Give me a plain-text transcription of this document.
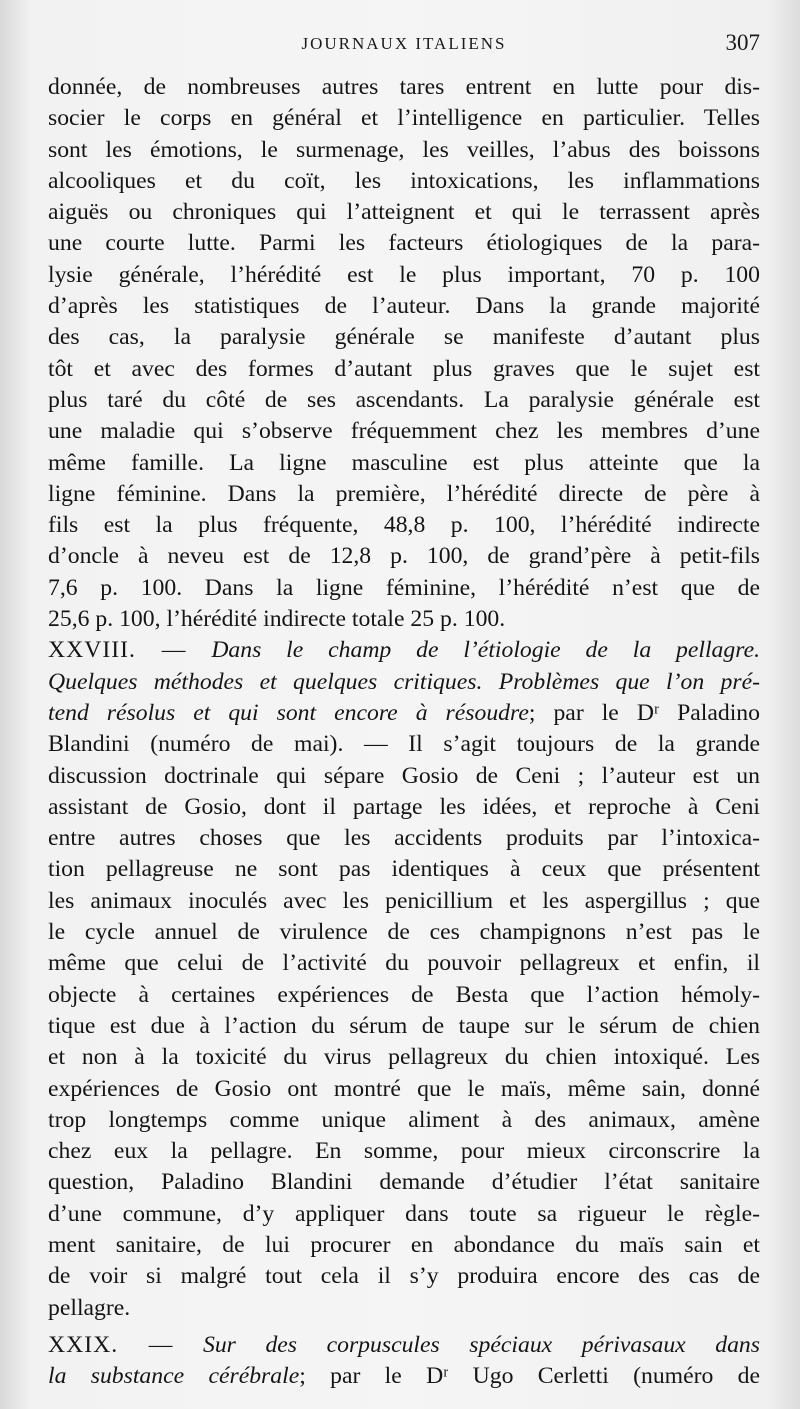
JOURNAUX ITALIENS	307
donnée, de nombreuses autres tares entrent en lutte pour dis-
socier le corps en général et l’intelligence en particulier. Telles
sont les émotions, le surmenage, les veilles, l’abus des boissons
alcooliques et du coït, les intoxications, les inflammations
aiguës ou chroniques qui l’atteignent et qui le terrassent après
une courte lutte. Parmi les facteurs étiologiques de la para-
lysie générale, l’hérédité est le plus important, 70 p. 100
d’après les statistiques de l’auteur. Dans la grande majorité
des cas, la paralysie générale se manifeste d’autant plus
tôt et avec des formes d’autant plus graves que le sujet est
plus taré du côté de ses ascendants. La paralysie générale est
une maladie qui s’observe fréquemment chez les membres d’une
même famille. La ligne masculine est plus atteinte que la
ligne féminine. Dans la première, l’hérédité directe de père à
fils est la plus fréquente, 48,8 p. 100, l’hérédité indirecte
d’oncle à neveu est de 12,8 p. 100, de grand’père à petit-fils
7,6 p. 100. Dans la ligne féminine, l’hérédité n’est que de
25,6 p. 100, l’hérédité indirecte totale 25 p. 100.
XXVIII. — Dans le champ de l’étiologie de la pellagre.
Quelques méthodes et quelques critiques. Problèmes que l’on pré-
tend résolus et qui sont encore à résoudre; par le Dʳ Paladino
Blandini (numéro de mai). — Il s’agit toujours de la grande
discussion doctrinale qui sépare Gosio de Ceni ; l’auteur est un
assistant de Gosio, dont il partage les idées, et reproche à Ceni
entre autres choses que les accidents produits par l’intoxica-
tion pellagreuse ne sont pas identiques à ceux que présentent
les animaux inoculés avec les penicillium et les aspergillus ; que
le cycle annuel de virulence de ces champignons n’est pas le
même que celui de l’activité du pouvoir pellagreux et enfin, il
objecte à certaines expériences de Besta que l’action hémoly-
tique est due à l’action du sérum de taupe sur le sérum de chien
et non à la toxicité du virus pellagreux du chien intoxiqué. Les
expériences de Gosio ont montré que le maïs, même sain, donné
trop longtemps comme unique aliment à des animaux, amène
chez eux la pellagre. En somme, pour mieux circonscrire la
question, Paladino Blandini demande d’étudier l’état sanitaire
d’une commune, d’y appliquer dans toute sa rigueur le règle-
ment sanitaire, de lui procurer en abondance du maïs sain et
de voir si malgré tout cela il s’y produira encore des cas de
pellagre.
XXIX. — Sur des corpuscules spéciaux périvasaux dans
la substance cérébrale; par le Dʳ Ugo Cerletti (numéro de
